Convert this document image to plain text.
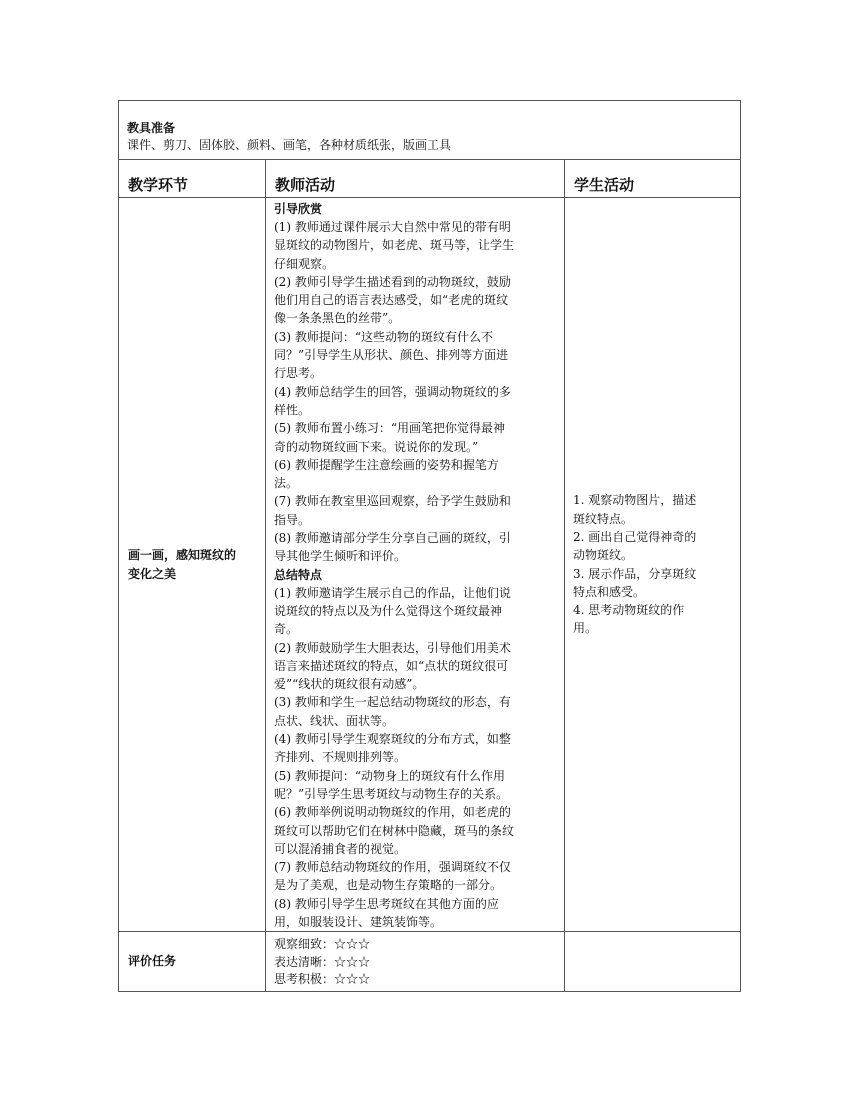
教具准备
课件、剪刀、固体胶、颜料、画笔，各种材质纸张，版画工具
教学环节	教师活动	学生活动
画一画，感知斑纹的
变化之美
引导欣赏
(1) 教师通过课件展示大自然中常见的带有明
显斑纹的动物图片，如老虎、斑马等，让学生
仔细观察。
(2) 教师引导学生描述看到的动物斑纹，鼓励
他们用自己的语言表达感受，如“老虎的斑纹
像一条条黑色的丝带”。
(3) 教师提问：“这些动物的斑纹有什么不
同？”引导学生从形状、颜色、排列等方面进
行思考。
(4) 教师总结学生的回答，强调动物斑纹的多
样性。
(5) 教师布置小练习：“用画笔把你觉得最神
奇的动物斑纹画下来。说说你的发现。”
(6) 教师提醒学生注意绘画的姿势和握笔方
法。
(7) 教师在教室里巡回观察，给予学生鼓励和
指导。
(8) 教师邀请部分学生分享自己画的斑纹，引
导其他学生倾听和评价。
总结特点
(1) 教师邀请学生展示自己的作品，让他们说
说斑纹的特点以及为什么觉得这个斑纹最神
奇。
(2) 教师鼓励学生大胆表达，引导他们用美术
语言来描述斑纹的特点，如“点状的斑纹很可
爱”“线状的斑纹很有动感”。
(3) 教师和学生一起总结动物斑纹的形态，有
点状、线状、面状等。
(4) 教师引导学生观察斑纹的分布方式，如整
齐排列、不规则排列等。
(5) 教师提问：“动物身上的斑纹有什么作用
呢？”引导学生思考斑纹与动物生存的关系。
(6) 教师举例说明动物斑纹的作用，如老虎的
斑纹可以帮助它们在树林中隐藏，斑马的条纹
可以混淆捕食者的视觉。
(7) 教师总结动物斑纹的作用，强调斑纹不仅
是为了美观，也是动物生存策略的一部分。
(8) 教师引导学生思考斑纹在其他方面的应
用，如服装设计、建筑装饰等。
1. 观察动物图片，描述
斑纹特点。
2. 画出自己觉得神奇的
动物斑纹。
3. 展示作品，分享斑纹
特点和感受。
4. 思考动物斑纹的作
用。
评价任务
观察细致：☆☆☆
表达清晰：☆☆☆
思考积极：☆☆☆
